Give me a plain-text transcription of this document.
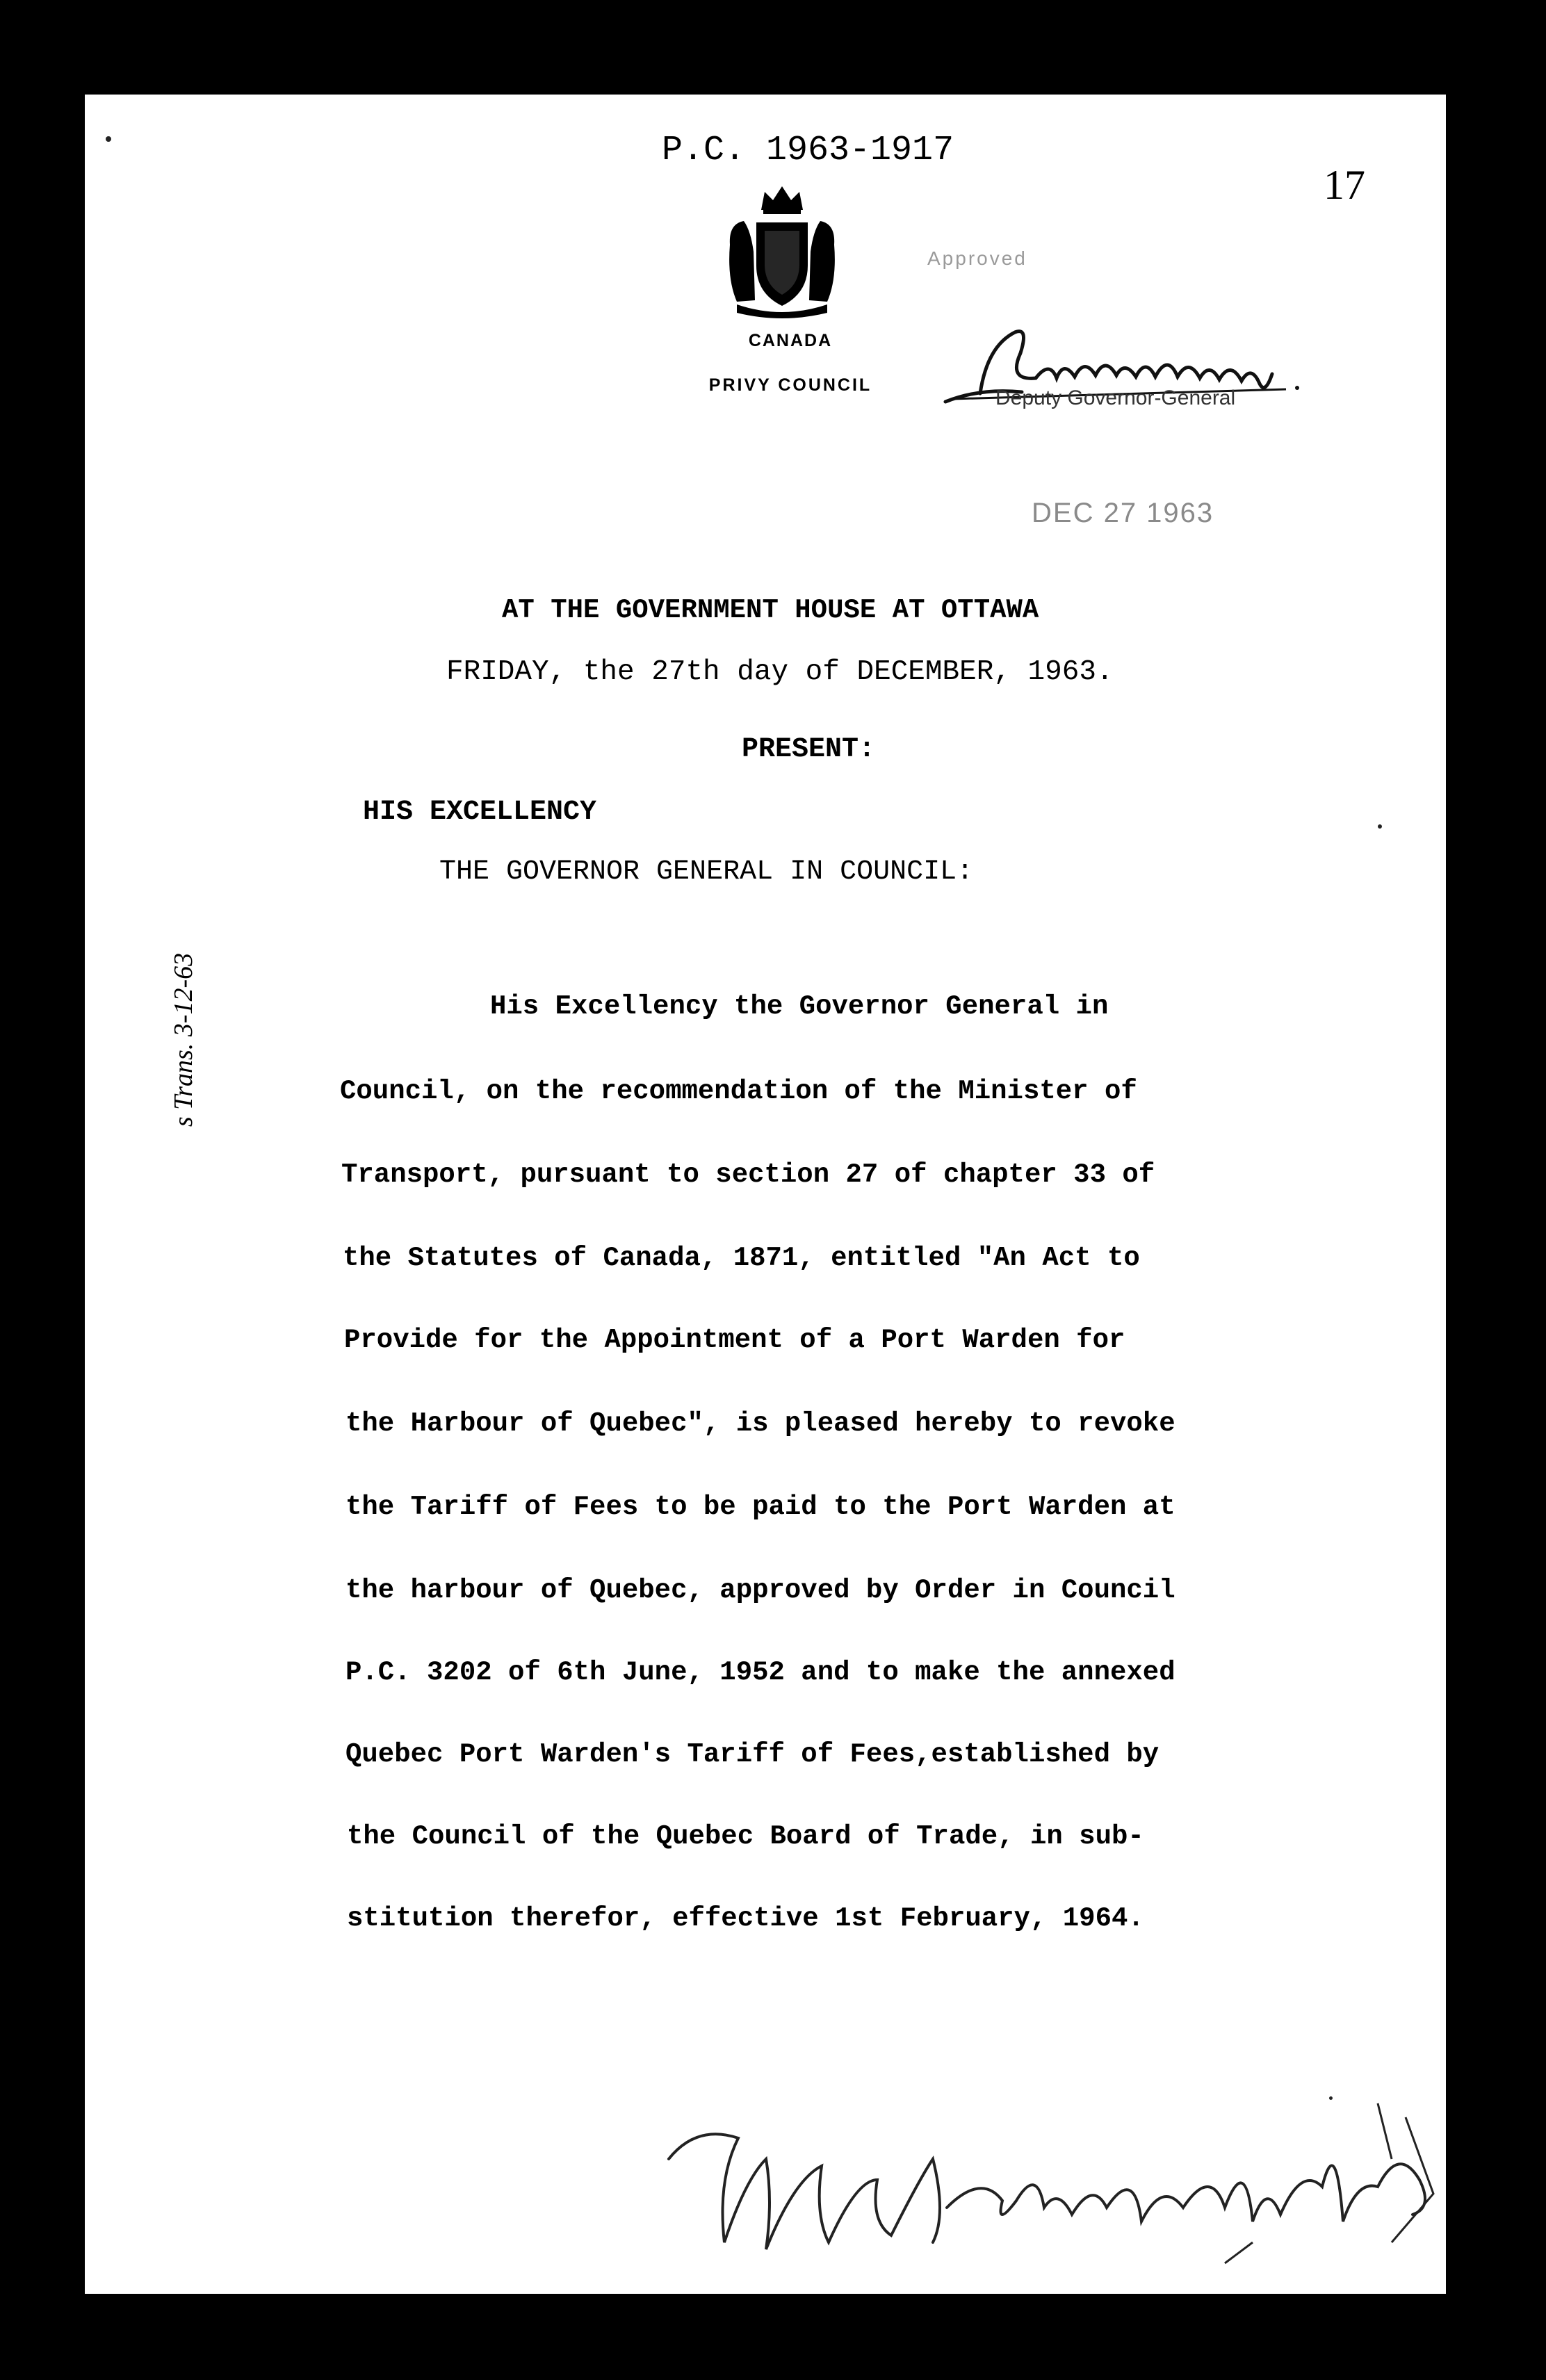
P.C. 1963-1917

17

CANADA

PRIVY COUNCIL

Approved

Deputy Governor-General

DEC 27 1963

AT THE GOVERNMENT HOUSE AT OTTAWA

FRIDAY, the 27th day of DECEMBER, 1963.

PRESENT:

HIS EXCELLENCY

THE GOVERNOR GENERAL IN COUNCIL:

s Trans. 3-12-63	His Excellency the Governor General in

Council, on the recommendation of the Minister of

Transport, pursuant to section 27 of chapter 33 of

the Statutes of Canada, 1871, entitled "An Act to

Provide for the Appointment of a Port Warden for

the Harbour of Quebec", is pleased hereby to revoke

the Tariff of Fees to be paid to the Port Warden at

the harbour of Quebec, approved by Order in Council

P.C. 3202 of 6th June, 1952 and to make the annexed

Quebec Port Warden's Tariff of Fees,established by

the Council of the Quebec Board of Trade, in sub-

stitution therefor, effective 1st February, 1964.
